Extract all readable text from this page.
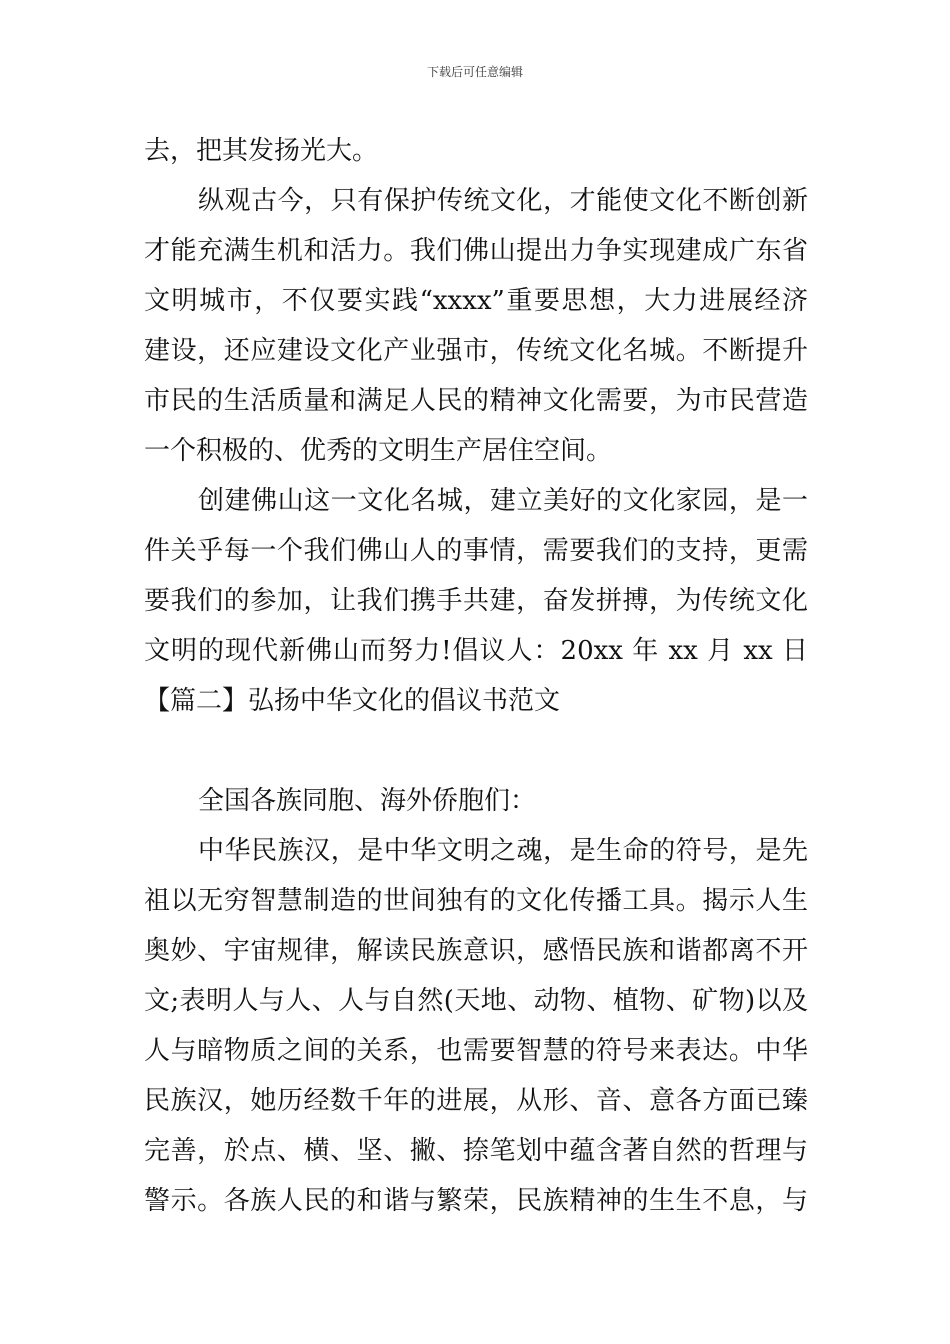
下载后可任意编辑
去，把其发扬光大。
纵观古今，只有保护传统文化，才能使文化不断创新
才能充满生机和活力。我们佛山提出力争实现建成广东省
文明城市，不仅要实践“xxxx”重要思想，大力进展经济
建设，还应建设文化产业强市，传统文化名城。不断提升
市民的生活质量和满足人民的精神文化需要，为市民营造
一个积极的、优秀的文明生产居住空间。
创建佛山这一文化名城，建立美好的文化家园，是一
件关乎每一个我们佛山人的事情，需要我们的支持，更需
要我们的参加，让我们携手共建，奋发拼搏，为传统文化
文明的现代新佛山而努力!倡议人：20xx 年 xx 月 xx 日
【篇二】弘扬中华文化的倡议书范文
全国各族同胞、海外侨胞们：
中华民族汉，是中华文明之魂，是生命的符号，是先
祖以无穷智慧制造的世间独有的文化传播工具。揭示人生
奥妙、宇宙规律，解读民族意识，感悟民族和谐都离不开
文;表明人与人、人与自然(天地、动物、植物、矿物)以及
人与暗物质之间的关系，也需要智慧的符号来表达。中华
民族汉，她历经数千年的进展，从形、音、意各方面已臻
完善，於点、横、坚、撇、捺笔划中蕴含著自然的哲理与
警示。各族人民的和谐与繁荣，民族精神的生生不息，与
